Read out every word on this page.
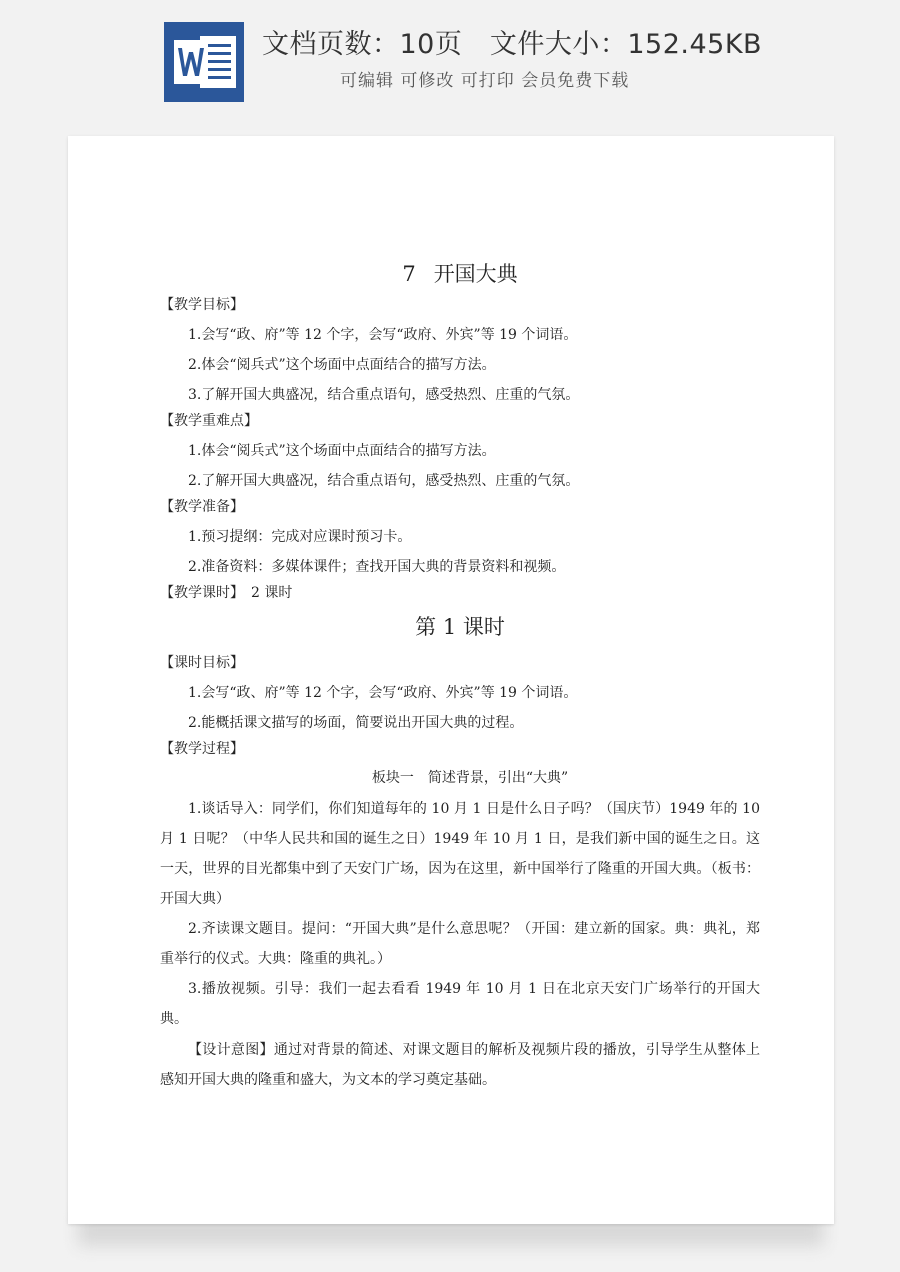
文档页数：10页　文件大小：152.45KB
可编辑 可修改 可打印 会员免费下载
7 开国大典

【教学目标】

1.会写“政、府”等 12 个字，会写“政府、外宾”等 19 个词语。

2.体会“阅兵式”这个场面中点面结合的描写方法。

3.了解开国大典盛况，结合重点语句，感受热烈、庄重的气氛。

【教学重难点】

1.体会“阅兵式”这个场面中点面结合的描写方法。

2.了解开国大典盛况，结合重点语句，感受热烈、庄重的气氛。

【教学准备】

1.预习提纲：完成对应课时预习卡。

2.准备资料：多媒体课件；查找开国大典的背景资料和视频。

【教学课时】　2 课时

第 1 课时

【课时目标】

1.会写“政、府”等 12 个字，会写“政府、外宾”等 19 个词语。

2.能概括课文描写的场面，简要说出开国大典的过程。

【教学过程】

板块一　简述背景，引出“大典”

1.谈话导入：同学们，你们知道每年的 10 月 1 日是什么日子吗？（国庆节）1949 年的 10 月 1 日呢？（中华人民共和国的诞生之日）1949 年 10 月 1 日，是我们新中国的诞生之日。这一天，世界的目光都集中到了天安门广场，因为在这里，新中国举行了隆重的开国大典。（板书：开国大典）

2.齐读课文题目。提问：“开国大典”是什么意思呢？（开国：建立新的国家。典：典礼，郑重举行的仪式。大典：隆重的典礼。）

3.播放视频。引导：我们一起去看看 1949 年 10 月 1 日在北京天安门广场举行的开国大典。

【设计意图】通过对背景的简述、对课文题目的解析及视频片段的播放，引导学生从整体上感知开国大典的隆重和盛大，为文本的学习奠定基础。
